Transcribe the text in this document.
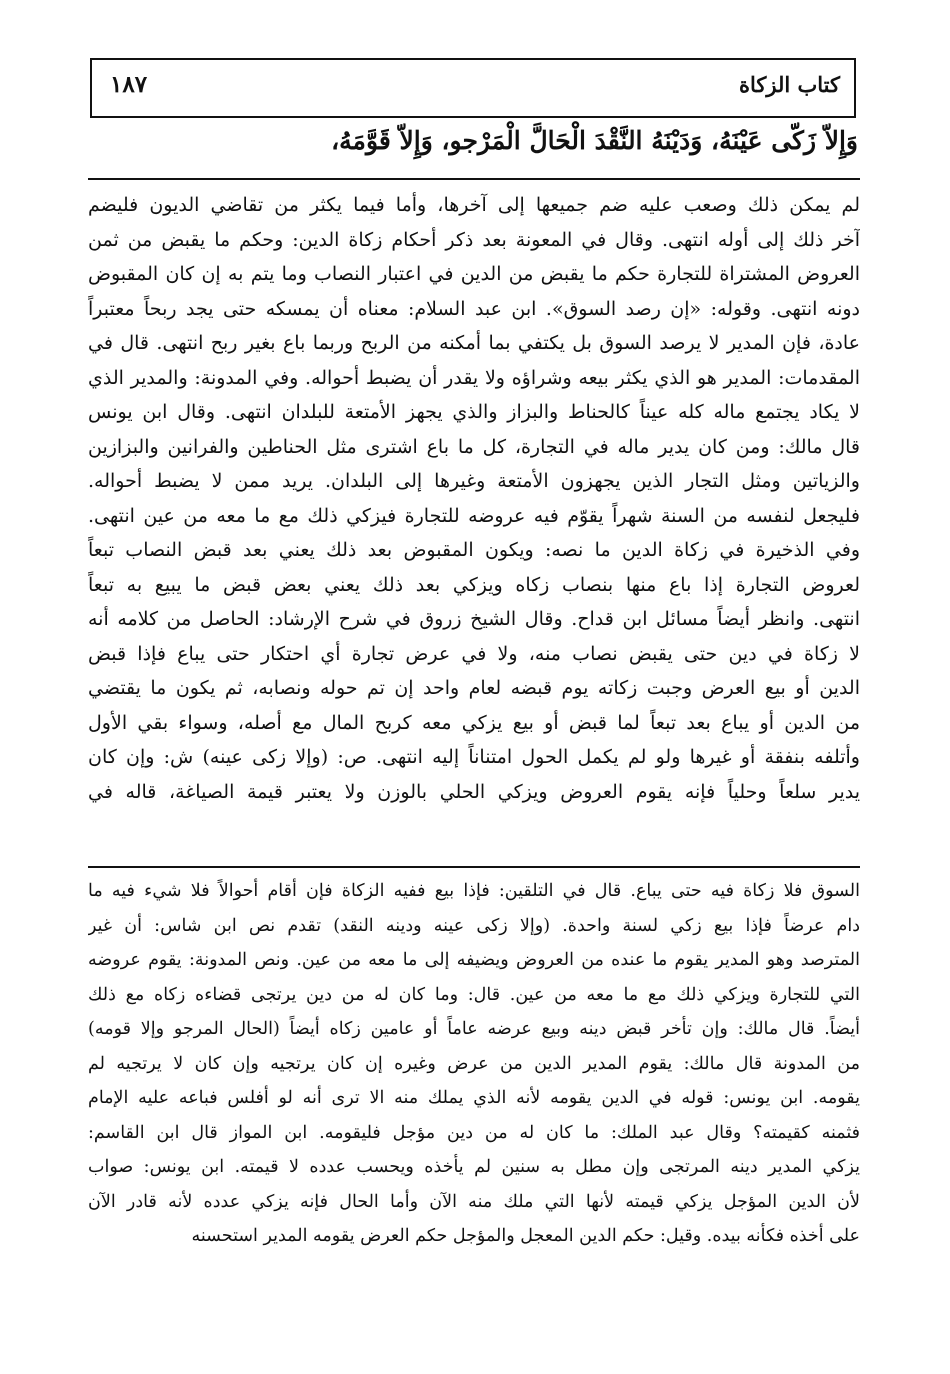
كتاب الزكاة
١٨٧
وَإِلاّ زَكّى عَيْنَهُ، وَدَيْنَهُ النَّقْدَ الْحَالَّ الْمَرْجو، وَإِلاّ قَوَّمَهُ،
لم يمكن ذلك وصعب عليه ضم جميعها إلى آخرها، وأما فيما يكثر من تقاضي الديون فليضم
آخر ذلك إلى أوله انتهى. وقال في المعونة بعد ذكر أحكام زكاة الدين: وحكم ما يقبض من ثمن
العروض المشتراة للتجارة حكم ما يقبض من الدين في اعتبار النصاب وما يتم به إن كان المقبوض
دونه انتهى. وقوله: «إن رصد السوق». ابن عبد السلام: معناه أن يمسكه حتى يجد ربحاً معتبراً
عادة، فإن المدير لا يرصد السوق بل يكتفي بما أمكنه من الربح وربما باع بغير ربح انتهى. قال في
المقدمات: المدير هو الذي يكثر بيعه وشراؤه ولا يقدر أن يضبط أحواله. وفي المدونة: والمدير الذي
لا يكاد يجتمع ماله كله عيناً كالحناط والبزاز والذي يجهز الأمتعة للبلدان انتهى. وقال ابن يونس
قال مالك: ومن كان يدير ماله في التجارة، كل ما باع اشترى مثل الحناطين والفرانين والبزازين
والزياتين ومثل التجار الذين يجهزون الأمتعة وغيرها إلى البلدان. يريد ممن لا يضبط أحواله.
فليجعل لنفسه من السنة شهراً يقوّم فيه عروضه للتجارة فيزكي ذلك مع ما معه من عين انتهى.
وفي الذخيرة في زكاة الدين ما نصه: ويكون المقبوض بعد ذلك يعني بعد قبض النصاب تبعاً
لعروض التجارة إذا باع منها بنصاب زكاه ويزكي بعد ذلك يعني بعض قبض ما يبيع به تبعاً
انتهى. وانظر أيضاً مسائل ابن قداح. وقال الشيخ زروق في شرح الإرشاد: الحاصل من كلامه أنه
لا زكاة في دين حتى يقبض نصاب منه، ولا في عرض تجارة أي احتكار حتى يباع فإذا قبض
الدين أو بيع العرض وجبت زكاته يوم قبضه لعام واحد إن تم حوله ونصابه، ثم يكون ما يقتضي
من الدين أو يباع بعد تبعاً لما قبض أو بيع يزكي معه كربح المال مع أصله، وسواء بقي الأول
وأتلفه بنفقة أو غيرها ولو لم يكمل الحول امتناناً إليه انتهى. ص: (وإلا زكى عينه) ش: وإن كان
يدير سلعاً وحلياً فإنه يقوم العروض ويزكي الحلي بالوزن ولا يعتبر قيمة الصياغة، قاله في
السوق فلا زكاة فيه حتى يباع. قال في التلقين: فإذا بيع ففيه الزكاة فإن أقام أحوالاً فلا شيء فيه ما
دام عرضاً فإذا بيع زكي لسنة واحدة. (وإلا زكى عينه ودينه النقد) تقدم نص ابن شاس: أن غير
المترصد وهو المدير يقوم ما عنده من العروض ويضيفه إلى ما معه من عين. ونص المدونة: يقوم عروضه
التي للتجارة ويزكي ذلك مع ما معه من عين. قال: وما كان له من دين يرتجى قضاءه زكاه مع ذلك
أيضاً. قال مالك: وإن تأخر قبض دينه وبيع عرضه عاماً أو عامين زكاه أيضاً (الحال المرجو وإلا قومه)
من المدونة قال مالك: يقوم المدير الدين من عرض وغيره إن كان يرتجيه وإن كان لا يرتجيه لم
يقومه. ابن يونس: قوله في الدين يقومه لأنه الذي يملك منه الا ترى أنه لو أفلس فباعه عليه الإمام
فثمنه كقيمته؟ وقال عبد الملك: ما كان له من دين مؤجل فليقومه. ابن المواز قال ابن القاسم:
يزكي المدير دينه المرتجى وإن مطل به سنين لم يأخذه ويحسب عدده لا قيمته. ابن يونس: صواب
لأن الدين المؤجل يزكي قيمته لأنها التي ملك منه الآن وأما الحال فإنه يزكي عدده لأنه قادر الآن
على أخذه فكأنه بيده. وقيل: حكم الدين المعجل والمؤجل حكم العرض يقومه المدير استحسنه
